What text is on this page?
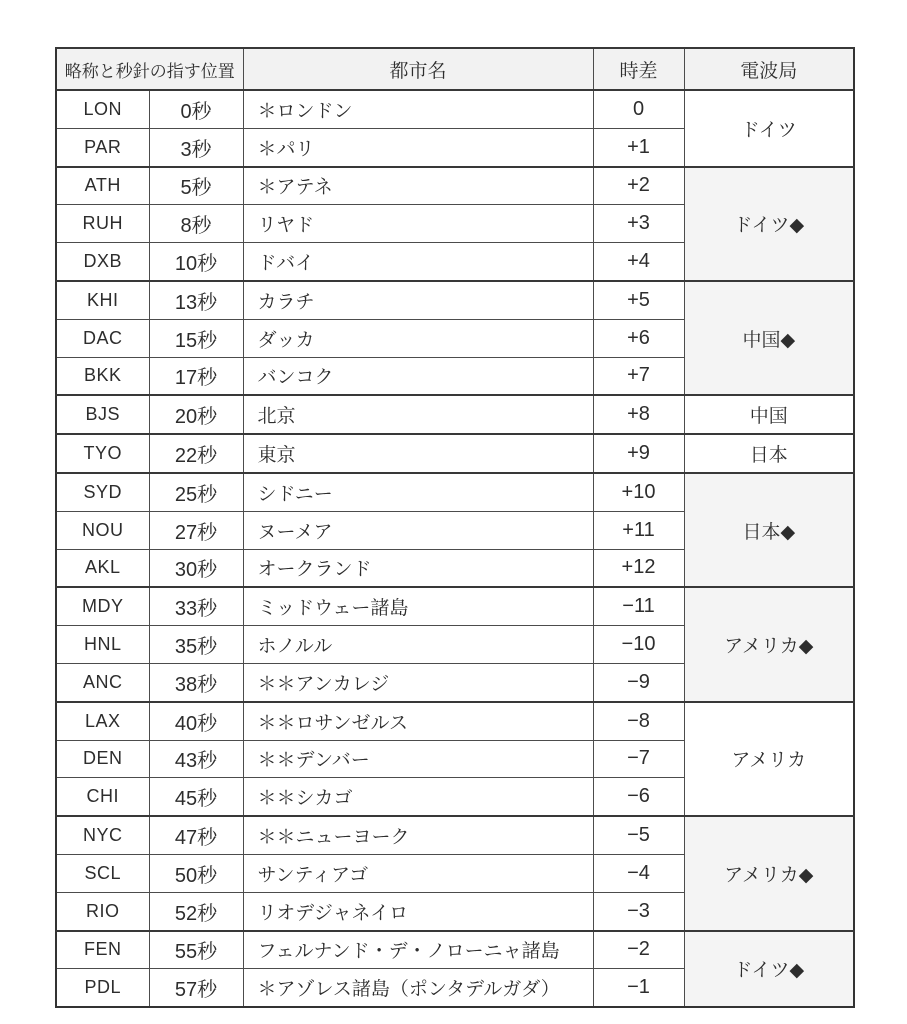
略称と秒針の指す位置		都市名	時差	電波局
LON	0秒	＊ロンドン	0	ドイツ
PAR	3秒	＊パリ	+1	
ATH	5秒	＊アテネ	+2	ドイツ◆
RUH	8秒	リヤド	+3	
DXB	10秒	ドバイ	+4	
KHI	13秒	カラチ	+5	中国◆
DAC	15秒	ダッカ	+6	
BKK	17秒	バンコク	+7	
BJS	20秒	北京	+8	中国
TYO	22秒	東京	+9	日本
SYD	25秒	シドニー	+10	日本◆
NOU	27秒	ヌーメア	+11	
AKL	30秒	オークランド	+12	
MDY	33秒	ミッドウェー諸島	−11	アメリカ◆
HNL	35秒	ホノルル	−10	
ANC	38秒	＊＊アンカレジ	−9	
LAX	40秒	＊＊ロサンゼルス	−8	アメリカ
DEN	43秒	＊＊デンバー	−7	
CHI	45秒	＊＊シカゴ	−6	
NYC	47秒	＊＊ニューヨーク	−5	アメリカ◆
SCL	50秒	サンティアゴ	−4	
RIO	52秒	リオデジャネイロ	−3	
FEN	55秒	フェルナンド・デ・ノローニャ諸島	−2	ドイツ◆
PDL	57秒	＊アゾレス諸島（ポンタデルガダ）	−1	
